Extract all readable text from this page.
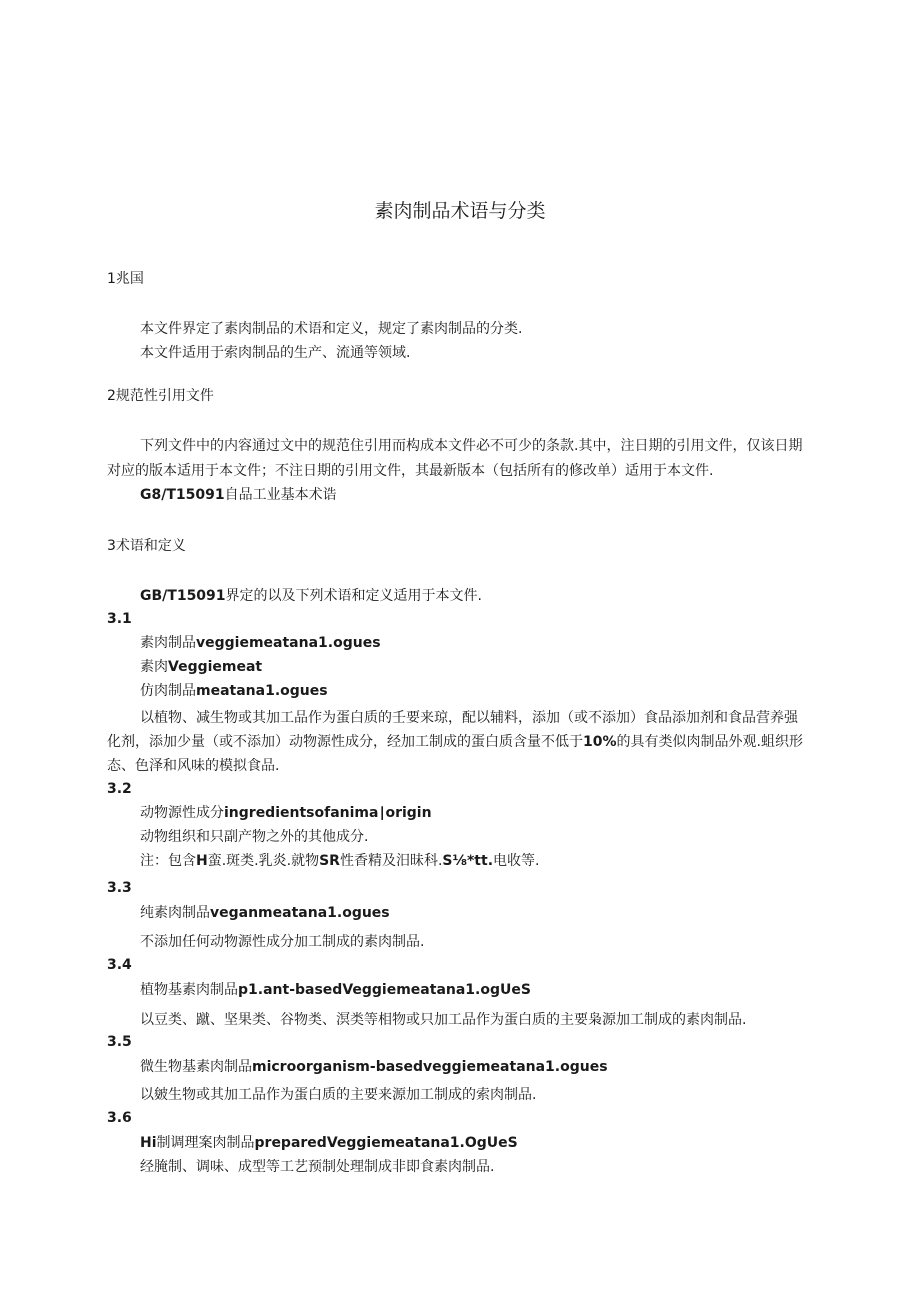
素肉制品术语与分类
1兆国
本文件界定了素肉制品的术语和定义，规定了素肉制品的分类.
本文件适用于索肉制品的生产、流通等领域.
2规范性引用文件
下列文件中的内容通过文中的规范住引用而构成本文件必不可少的条款.其中，注日期的引用文件，仅该日期
对应的版本适用于本文件；不注日期的引用文件，其最新版本（包括所有的修改单）适用于本文件.
G8/T15091自品工业基本术诰
3术语和定义
GB/T15091界定的以及下列术语和定义适用于本文件.
3.1
素肉制品veggiemeatana1.ogues
素肉Veggiemeat
仿肉制品meatana1.ogues
以植物、减生物或其加工品作为蛋白质的壬要来琼，配以辅料，添加（或不添加）食品添加剂和食品营养强
化剂，添加少量（或不添加）动物源性成分，经加工制成的蛋白质含量不低于10%的具有类似肉制品外观.蛆织形
态、色泽和风味的模拟食品.
3.2
动物源性成分ingredientsofanima∣origin
动物组织和只副产物之外的其他成分.
注：包含H蛮.斑类.乳炎.就物SR性香精及汨昧科.S⅛*tt.电收等.
3.3
纯素肉制品veganmeatana1.ogues
不添加任何动物源性成分加工制成的素肉制品.
3.4
植物基素肉制品p1.ant-basedVeggiemeatana1.ogUeS
以豆类、蹴、坚果类、谷物类、溟类等相物或只加工品作为蛋白质的主要枭源加工制成的素肉制品.
3.5
微生物基素肉制品microorganism-basedveggiemeatana1.ogues
以皴生物或其加工品作为蛋白质的主要来源加工制成的索肉制品.
3.6
Hi制调理案肉制品preparedVeggiemeatana1.OgUeS
经腌制、调味、成型等工艺预制处理制成非即食素肉制品.
